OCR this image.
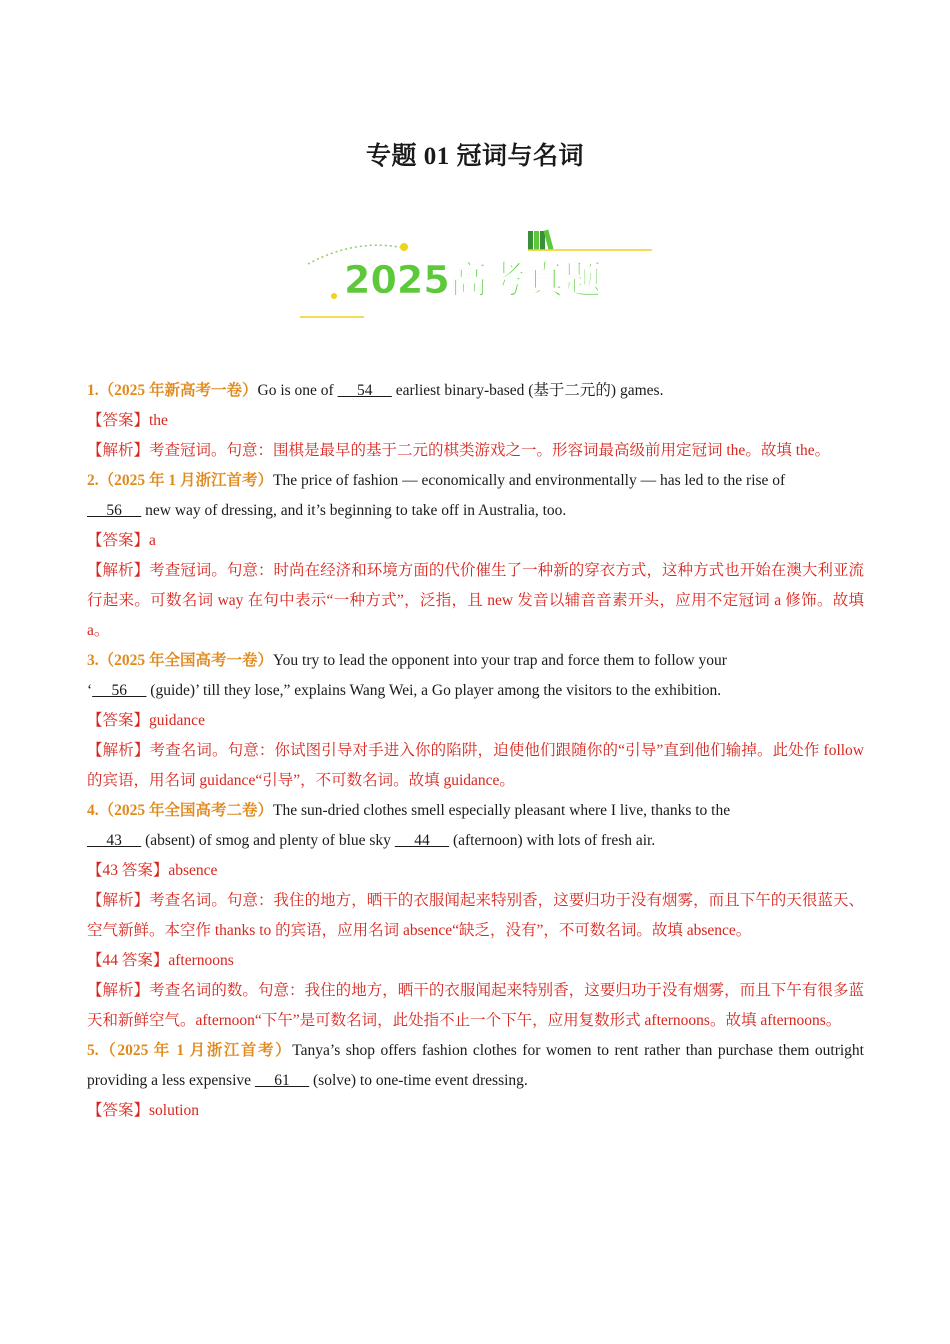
专题 01 冠词与名词
2025高考真题

1.（2025 年新高考一卷）Go is one of      54      earliest binary-based (基于二元的) games.

【答案】the

【解析】考查冠词。句意：围棋是最早的基于二元的棋类游戏之一。形容词最高级前用定冠词 the。故填 the。

2.（2025 年 1 月浙江首考）The price of fashion — economically and environmentally — has led to the rise of
56      new way of dressing, and it’s beginning to take off in Australia, too.

【答案】a

【解析】考查冠词。句意：时尚在经济和环境方面的代价催生了一种新的穿衣方式，这种方式也开始在澳大利亚流行起来。可数名词 way 在句中表示“一种方式”，泛指，且 new 发音以辅音音素开头，应用不定冠词 a 修饰。故填 a。

3.（2025 年全国高考一卷）You try to lead the opponent into your trap and force them to follow your
‘     56      (guide)’ till they lose,” explains Wang Wei, a Go player among the visitors to the exhibition.

【答案】guidance

【解析】考查名词。句意：你试图引导对手进入你的陷阱，迫使他们跟随你的“引导”直到他们输掉。此处作 follow 的宾语，用名词 guidance“引导”，不可数名词。故填 guidance。

4.（2025 年全国高考二卷）The sun-dried clothes smell especially pleasant where I live, thanks to the
43      (absent) of smog and plenty of blue sky      44      (afternoon) with lots of fresh air.

【43 答案】absence

【解析】考查名词。句意：我住的地方，晒干的衣服闻起来特别香，这要归功于没有烟雾，而且下午的天很蓝天、空气新鲜。本空作 thanks to 的宾语，应用名词 absence“缺乏，没有”，不可数名词。故填 absence。

【44 答案】afternoons

【解析】考查名词的数。句意：我住的地方，晒干的衣服闻起来特别香，这要归功于没有烟雾，而且下午有很多蓝天和新鲜空气。afternoon“下午”是可数名词，此处指不止一个下午，应用复数形式 afternoons。故填 afternoons。

5.（2025 年 1 月浙江首考）Tanya’s shop offers fashion clothes for women to rent rather than purchase them outright providing a less expensive      61      (solve) to one-time event dressing.

【答案】solution
